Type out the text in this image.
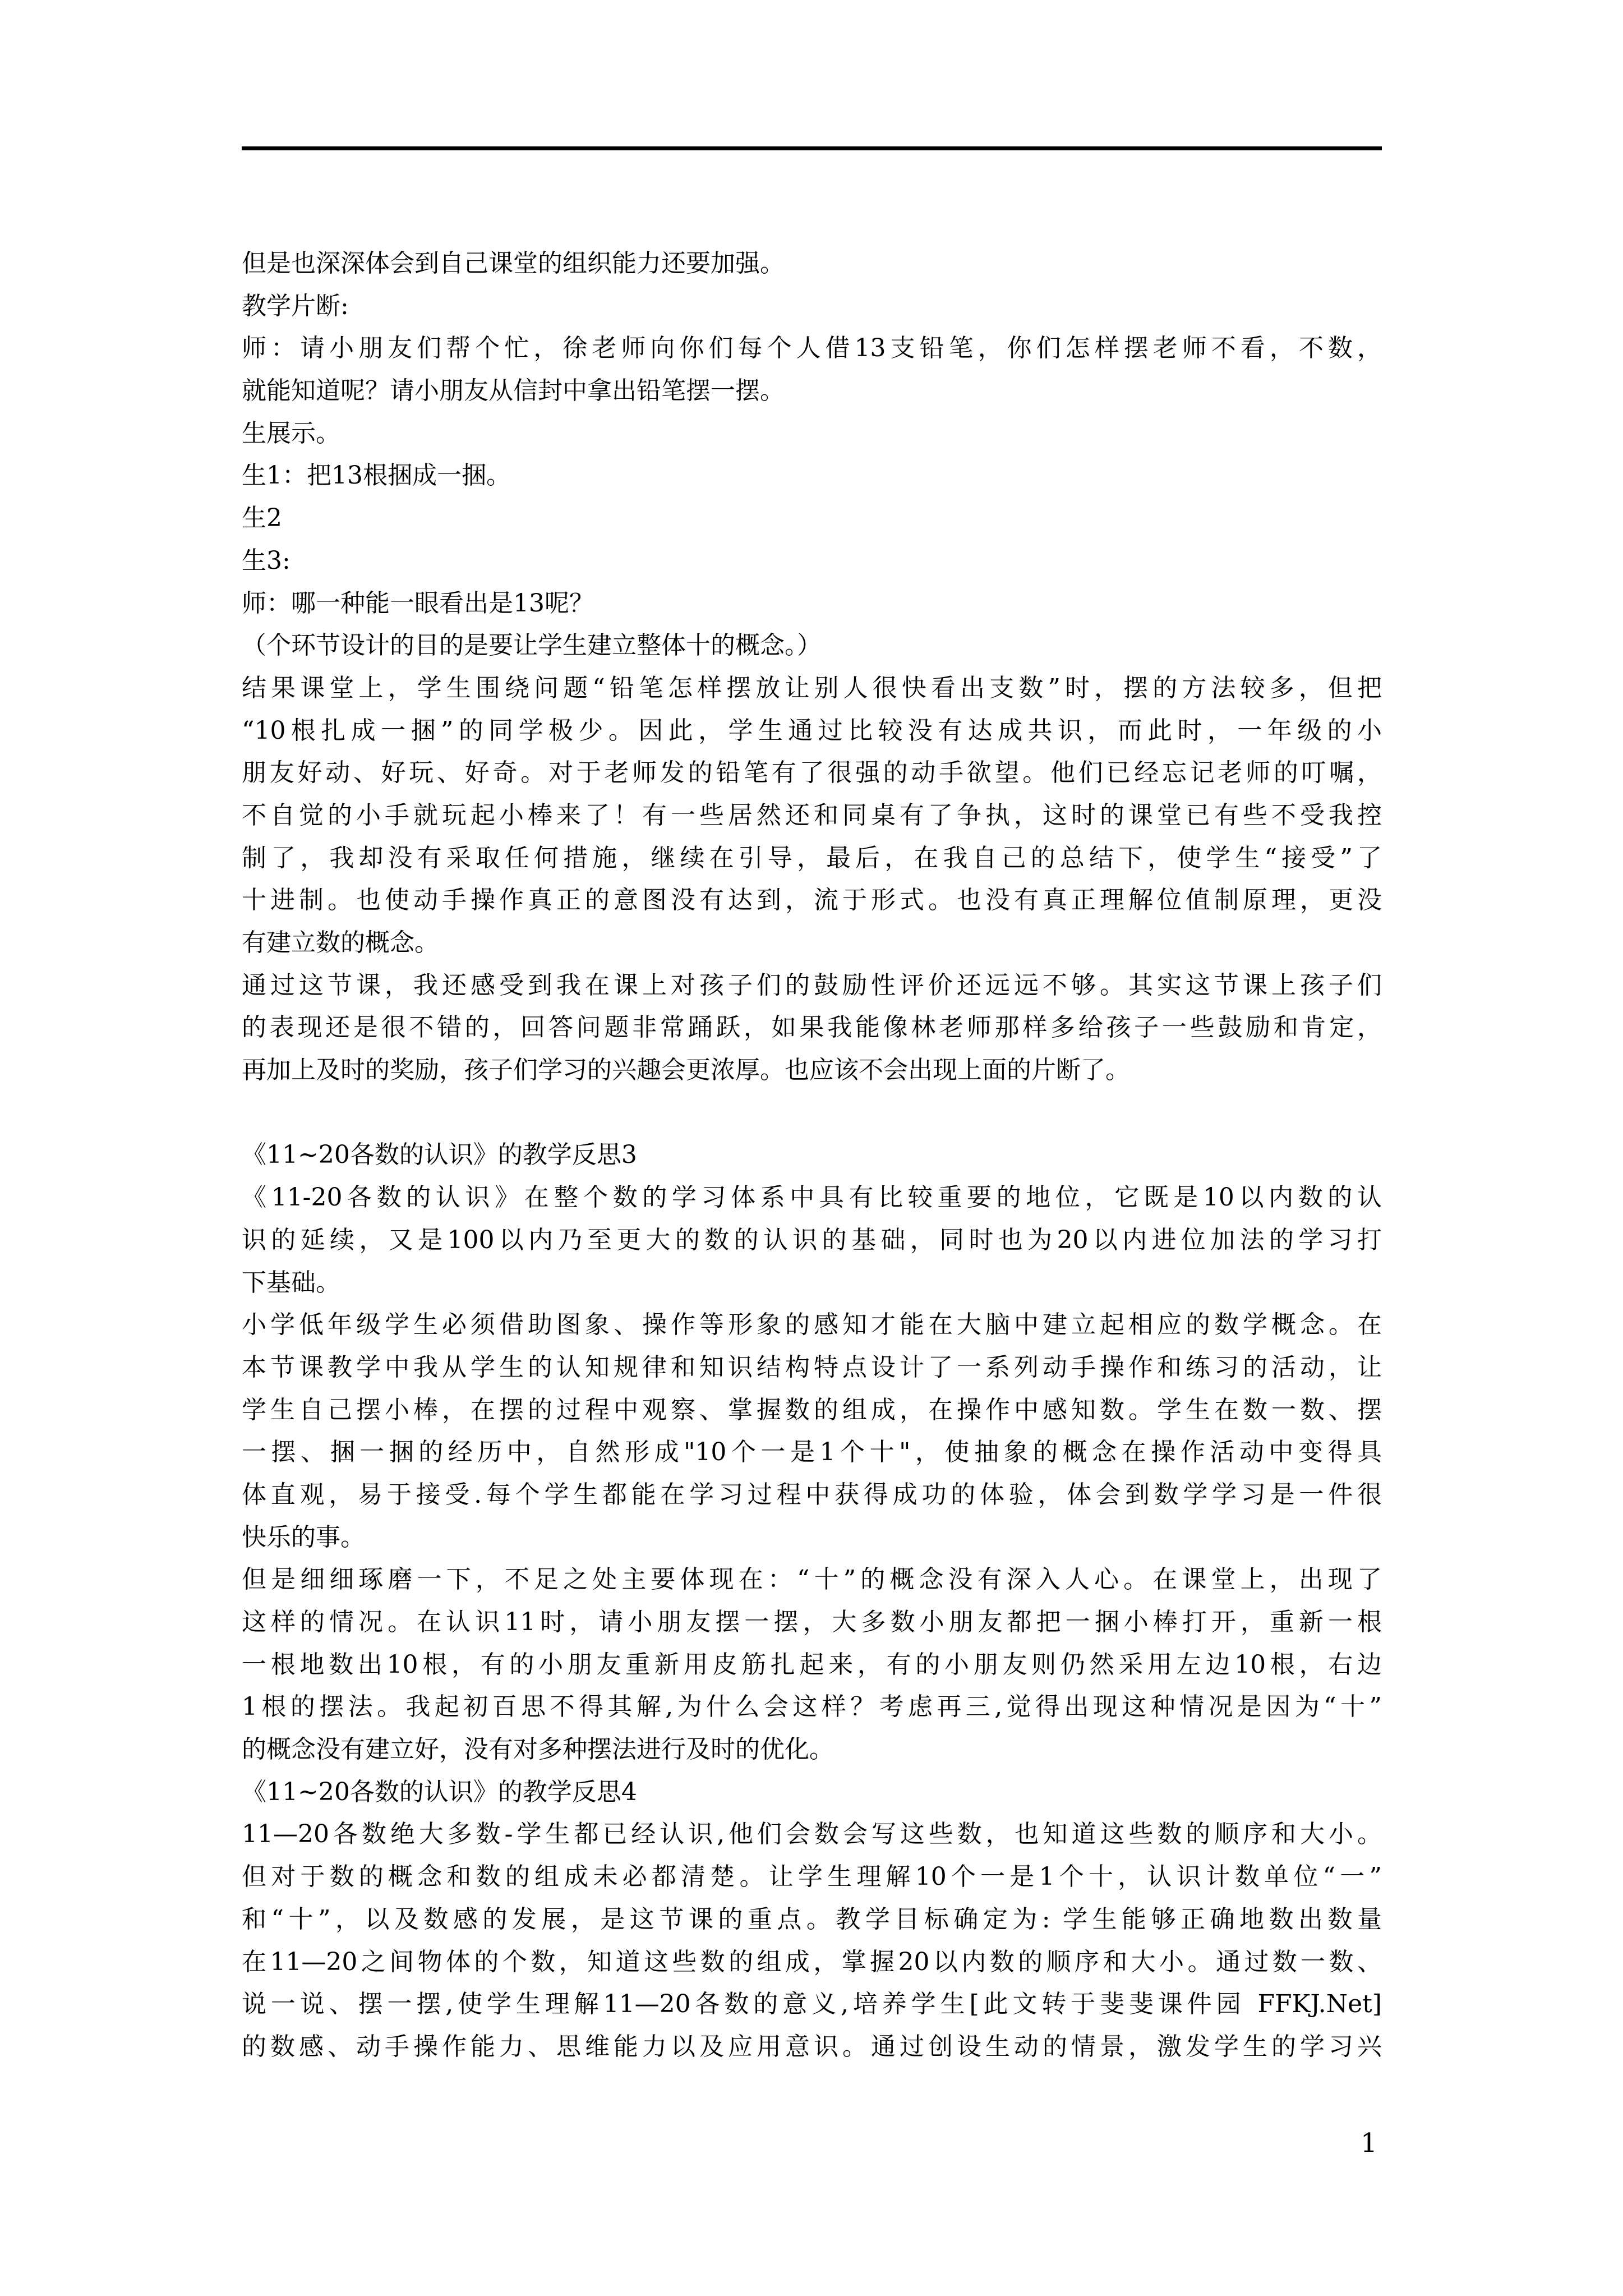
但是也深深体会到自己课堂的组织能力还要加强。
教学片断:
师：请小朋友们帮个忙，徐老师向你们每个人借13支铅笔，你们怎样摆老师不看，不数，
就能知道呢？请小朋友从信封中拿出铅笔摆一摆。
生展示。
生1：把13根捆成一捆。
生2
生3:
师：哪一种能一眼看出是13呢？
（个环节设计的目的是要让学生建立整体十的概念。）
结果课堂上，学生围绕问题“铅笔怎样摆放让别人很快看出支数”时，摆的方法较多，但把
“10根扎成一捆”的同学极少。因此，学生通过比较没有达成共识，而此时，一年级的小
朋友好动、好玩、好奇。对于老师发的铅笔有了很强的动手欲望。他们已经忘记老师的叮嘱，
不自觉的小手就玩起小棒来了！有一些居然还和同桌有了争执，这时的课堂已有些不受我控
制了，我却没有采取任何措施，继续在引导，最后，在我自己的总结下，使学生“接受”了
十进制。也使动手操作真正的意图没有达到，流于形式。也没有真正理解位值制原理，更没
有建立数的概念。
通过这节课，我还感受到我在课上对孩子们的鼓励性评价还远远不够。其实这节课上孩子们
的表现还是很不错的，回答问题非常踊跃，如果我能像林老师那样多给孩子一些鼓励和肯定，
再加上及时的奖励，孩子们学习的兴趣会更浓厚。也应该不会出现上面的片断了。
《11~20各数的认识》的教学反思3
《11-20各数的认识》在整个数的学习体系中具有比较重要的地位，它既是10以内数的认
识的延续，又是100以内乃至更大的数的认识的基础，同时也为20以内进位加法的学习打
下基础。
小学低年级学生必须借助图象、操作等形象的感知才能在大脑中建立起相应的数学概念。在
本节课教学中我从学生的认知规律和知识结构特点设计了一系列动手操作和练习的活动，让
学生自己摆小棒，在摆的过程中观察、掌握数的组成，在操作中感知数。学生在数一数、摆
一摆、捆一捆的经历中，自然形成"10个一是1个十"，使抽象的概念在操作活动中变得具
体直观，易于接受.每个学生都能在学习过程中获得成功的体验，体会到数学学习是一件很
快乐的事。
但是细细琢磨一下，不足之处主要体现在：“十”的概念没有深入人心。在课堂上，出现了
这样的情况。在认识11时，请小朋友摆一摆，大多数小朋友都把一捆小棒打开，重新一根
一根地数出10根，有的小朋友重新用皮筋扎起来，有的小朋友则仍然采用左边10根，右边
1根的摆法。我起初百思不得其解,为什么会这样？考虑再三,觉得出现这种情况是因为“十”
的概念没有建立好，没有对多种摆法进行及时的优化。
《11~20各数的认识》的教学反思4
11—20各数绝大多数-学生都已经认识,他们会数会写这些数，也知道这些数的顺序和大小。
但对于数的概念和数的组成未必都清楚。让学生理解10个一是1个十，认识计数单位“一”
和“十”，以及数感的发展，是这节课的重点。教学目标确定为: 学生能够正确地数出数量
在11—20之间物体的个数，知道这些数的组成，掌握20以内数的顺序和大小。通过数一数、
说一说、摆一摆,使学生理解11—20各数的意义,培养学生[此文转于斐斐课件园 FFKJ.Net]
的数感、动手操作能力、思维能力以及应用意识。通过创设生动的情景，激发学生的学习兴
1
